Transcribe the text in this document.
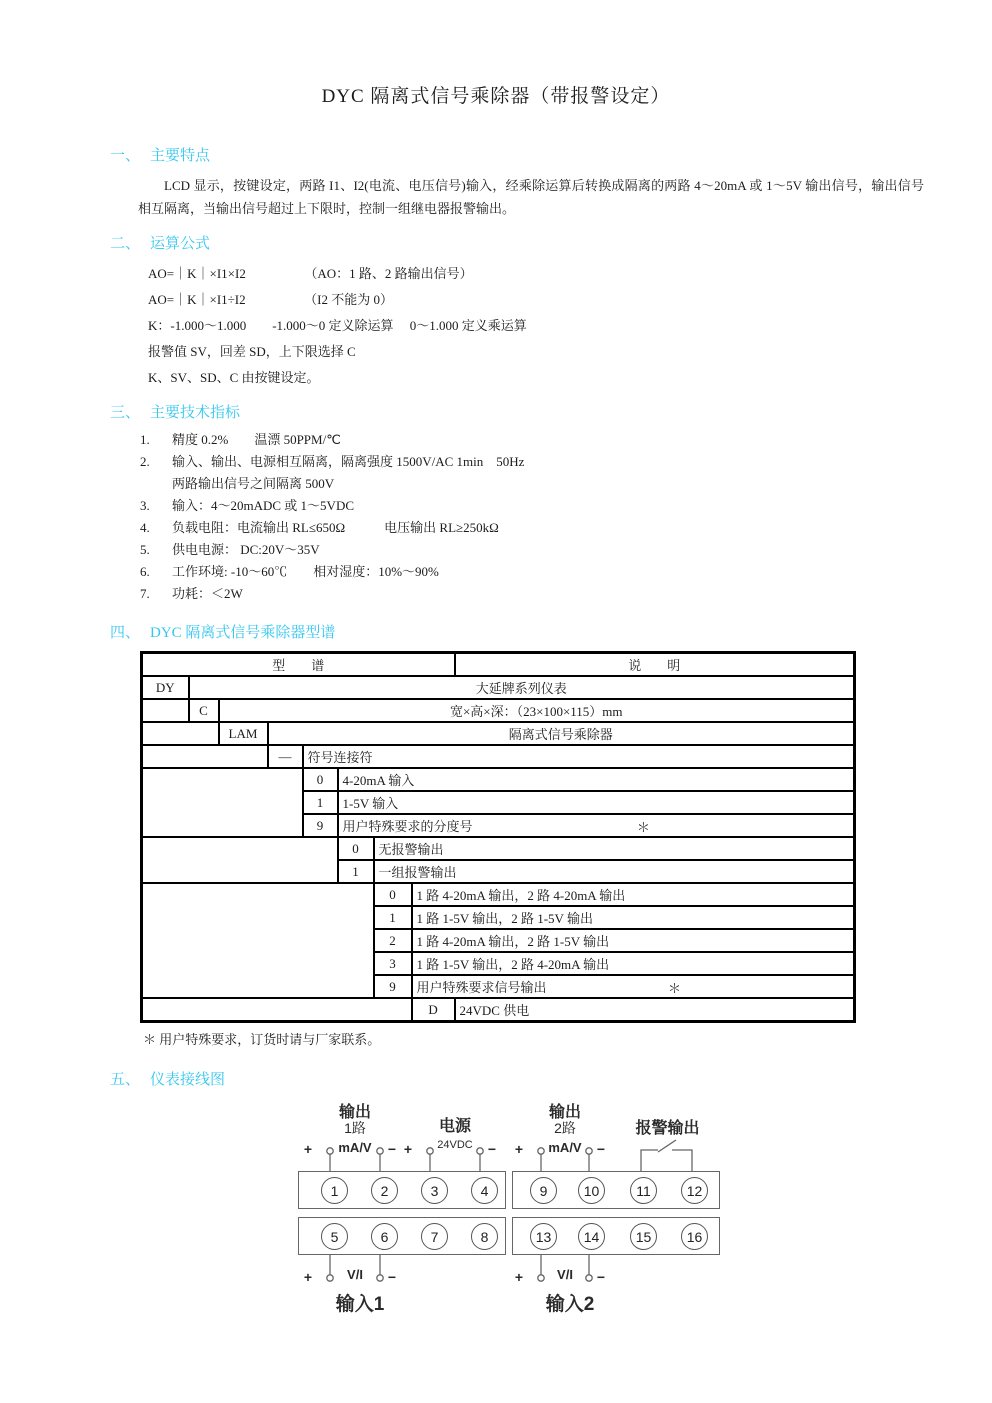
DYC 隔离式信号乘除器（带报警设定）
一、 主要特点

LCD 显示，按键设定，两路 I1、I2(电流、电压信号)输入，经乘除运算后转换成隔离的两路 4～20mA 或 1～5V 输出信号，输出信号相互隔离，当输出信号超过上下限时，控制一组继电器报警输出。

二、 运算公式
AO=｜K｜×I1×I2　　　　　（AO：1 路、2 路输出信号）
AO=｜K｜×I1÷I2　　　　　（I2 不能为 0）
K：-1.000～1.000　　-1.000～0 定义除运算　 0～1.000 定义乘运算
报警值 SV，回差 SD，上下限选择 C
K、SV、SD、C 由按键设定。
三、 主要技术指标
1.	精度 0.2%　　温漂 50PPM/℃
2.	输入、输出、电源相互隔离，隔离强度 1500V/AC 1min　50Hz
两路输出信号之间隔离 500V
3.	输入：4～20mADC 或 1～5VDC
4.	负载电阻：电流输出 RL≤650Ω　　　电压输出 RL≥250kΩ
5.	供电电源： DC:20V～35V
6.	工作环境: -10～60℃　　相对湿度：10%～90%
7.	功耗：＜2W
四、 DYC 隔离式信号乘除器型谱
型　　谱								说　　明
DY	大延牌系列仪表							
	C	宽×高×深：（23×100×115）mm						
		LAM	隔离式信号乘除器					
			—	符号连接符				
				0	4-20mA 输入			
				1	1-5V 输入			
				9	用户特殊要求的分度号 ＊			

					0	无报警输出		
					1	一组报警输出		
						0	1 路 4-20mA 输出，2 路 4-20mA 输出	
						1	1 路 1-5V 输出，2 路 1-5V 输出	
						2	1 路 4-20mA 输出，2 路 1-5V 输出	
						3	1 路 1-5V 输出，2 路 4-20mA 输出	
						9	用户特殊要求信号输出 ＊	

							D	24VDC 供电
＊ 用户特殊要求，订货时请与厂家联系。
五、 仪表接线图
输出
1路
+	mA/V	−
电源
+	24VDC	−
输出
2路
+	mA/V	−
报警输出
1	2	3	4
5	6	7	8
9	10	11	12
13	14	15	16
+	V/I	−
输入1
+	V/I	−
输入2
